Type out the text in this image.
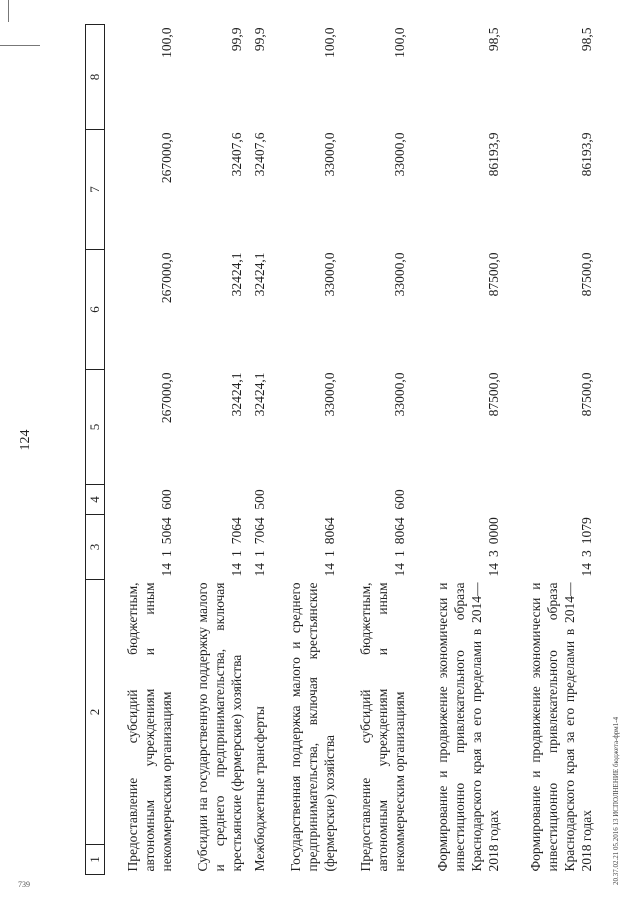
124
1	2	3	4	5	6	7	8
Предоставление субсидий бюджетным, автономным учреждениям и иным некоммерческим организациям		1415064	600	267000,0	267000,0	267000,0	100,0
Субсидии на государственную поддержку малого и среднего предпринимательства, включая крестьянские (фермерские) хозяйства		1417064		32424,1	32424,1	32407,6	99,9
Межбюджетные трансферты		1417064	500	32424,1	32424,1	32407,6	99,9
Государственная поддержка малого и среднего предпринимательства, включая крестьянские (фермерские) хозяйства		1418064		33000,0	33000,0	33000,0	100,0
Предоставление субсидий бюджетным, автономным учреждениям и иным некоммерческим организациям		1418064	600	33000,0	33000,0	33000,0	100,0
Формирование и продвижение экономически и инвестиционно привлекательного образа Краснодарского края за его пределами в 2014—2018 годах		1430000		87500,0	87500,0	86193,9	98,5
Формирование и продвижение экономически и инвестиционно привлекательного образа Краснодарского края за его пределами в 2014—2018 годах		1431079		87500,0	87500,0	86193,9	98,5
20.37.02.21 05.2016 13 ИСПОЛНЕНИЕ бюджета-фрм1-4
739
